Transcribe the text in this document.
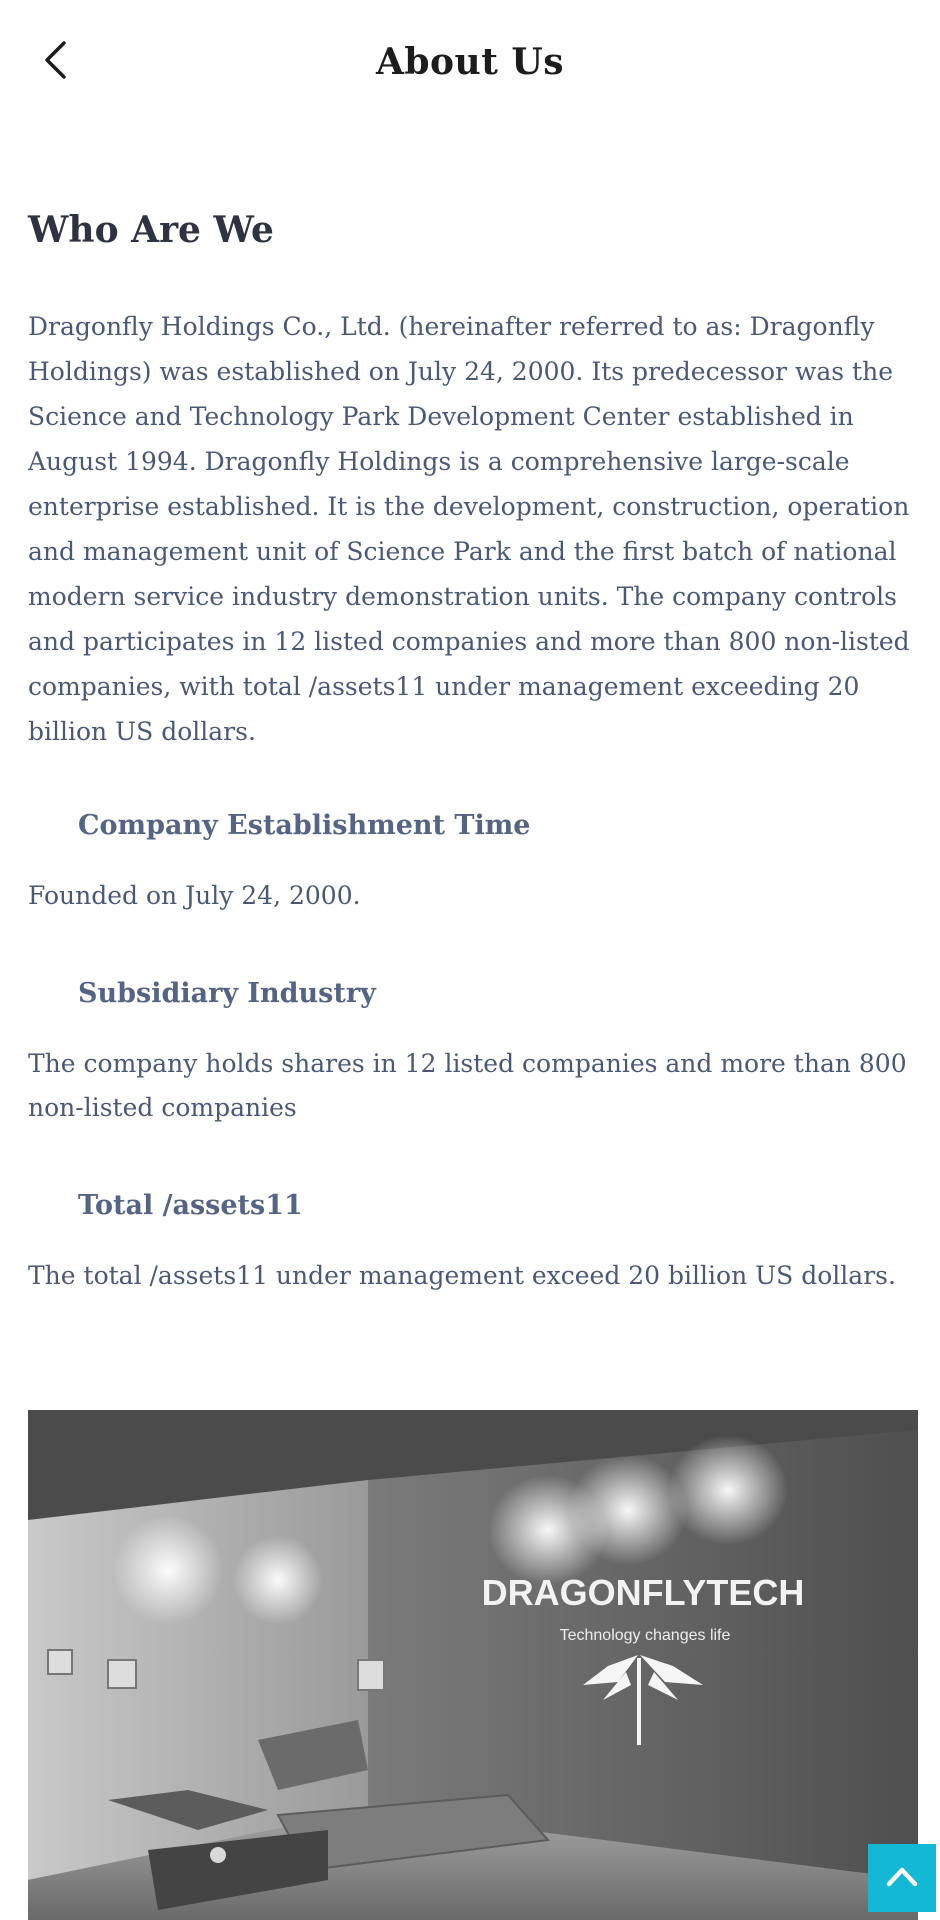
About Us
Who Are We

Dragonfly Holdings Co., Ltd. (hereinafter referred to as: Dragonfly Holdings) was established on July 24, 2000. Its predecessor was the Science and Technology Park Development Center established in August 1994. Dragonfly Holdings is a comprehensive large-scale enterprise established. It is the development, construction, operation and management unit of Science Park and the first batch of national modern service industry demonstration units. The company controls and participates in 12 listed companies and more than 800 non-listed companies, with total /assets11 under management exceeding 20 billion US dollars.

Company Establishment Time

Founded on July 24, 2000.

Subsidiary Industry

The company holds shares in 12 listed companies and more than 800 non-listed companies

Total /assets11

The total /assets11 under management exceed 20 billion US dollars.

DRAGONFLYTECH
Technology changes life
